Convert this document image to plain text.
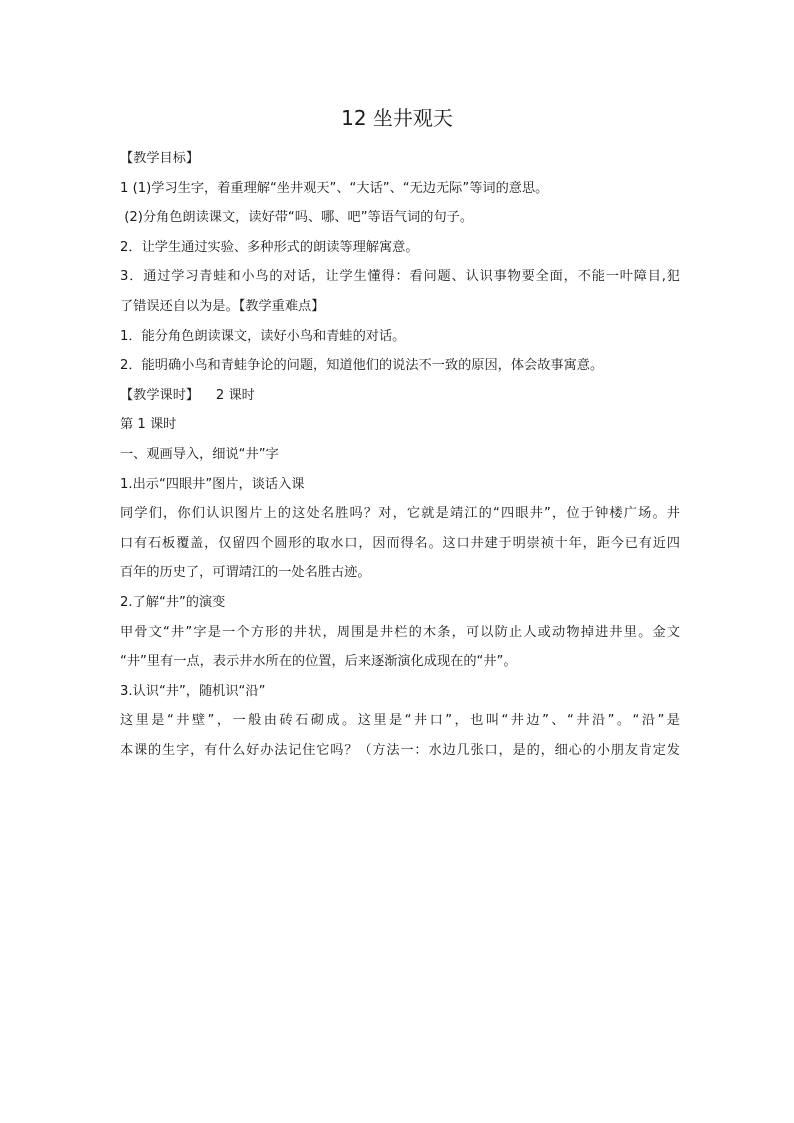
12 坐井观天
【教学目标】
1 (1)学习生字，着重理解“坐井观天”、“大话”、“无边无际”等词的意思。
(2)分角色朗读课文，读好带“吗、哪、吧”等语气词的句子。
2．让学生通过实验、多种形式的朗读等理解寓意。
3．通过学习青蛙和小鸟的对话，让学生懂得：看问题、认识事物要全面，不能一叶障目,犯
了错误还自以为是。【教学重难点】
1．能分角色朗读课文，读好小鸟和青蛙的对话。
2．能明确小鸟和青蛙争论的问题，知道他们的说法不一致的原因，体会故事寓意。
【教学课时】    2 课时
第 1 课时
一、观画导入，细说“井”字
1.出示“四眼井”图片，谈话入课
同学们，你们认识图片上的这处名胜吗？对，它就是靖江的“四眼井”，位于钟楼广场。井
口有石板覆盖，仅留四个圆形的取水口，因而得名。这口井建于明崇祯十年，距今已有近四
百年的历史了，可谓靖江的一处名胜古迹。
2.了解“井”的演变
甲骨文“井”字是一个方形的井状，周围是井栏的木条，可以防止人或动物掉进井里。金文
“井”里有一点，表示井水所在的位置，后来逐渐演化成现在的“井”。
3.认识“井”，随机识“沿”
这里是“井壁”，一般由砖石砌成。这里是“井口”，也叫“井边”、“井沿”。“沿”是
本课的生字，有什么好办法记住它吗？（方法一：水边几张口，是的，细心的小朋友肯定发
